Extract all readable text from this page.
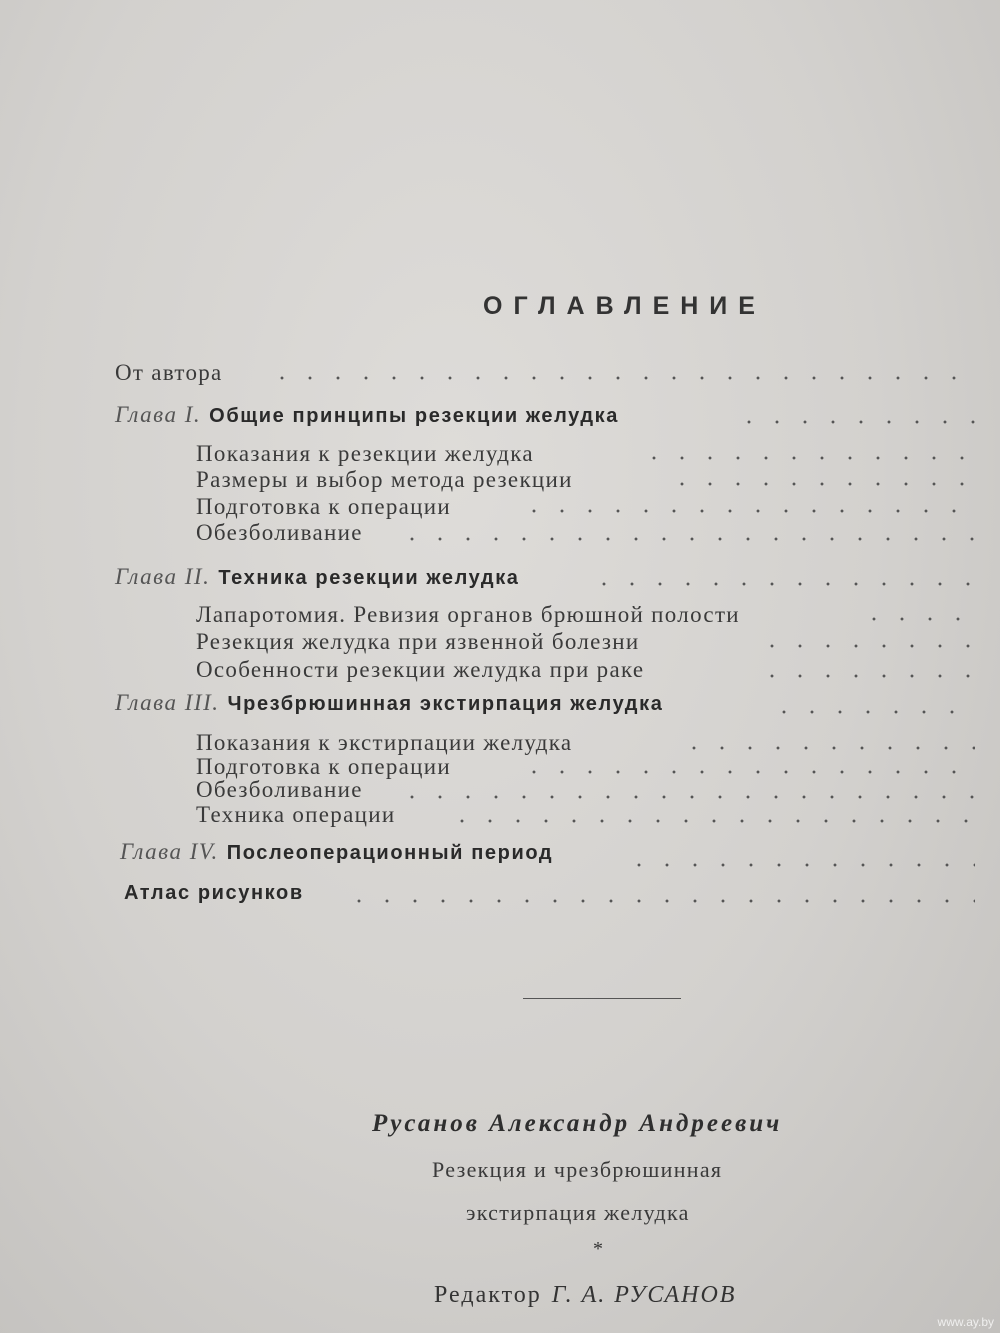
ОГЛАВЛЕНИЕ
От автора
Глава I. Общие принципы резекции желудка
Показания к резекции желудка
Размеры и выбор метода резекции
Подготовка к операции
Обезболивание
Глава II. Техника резекции желудка
Лапаротомия. Ревизия органов брюшной полости
Резекция желудка при язвенной болезни
Особенности резекции желудка при раке
Глава III. Чрезбрюшинная экстирпация желудка
Показания к экстирпации желудка
Подготовка к операции
Обезболивание
Техника операции
Глава IV. Послеоперационный период
Атлас рисунков
Русанов Александр Андреевич
Резекция и чрезбрюшинная
экстирпация желудка
*
Редактор Г. А. РУСАНОВ
www.ay.by
